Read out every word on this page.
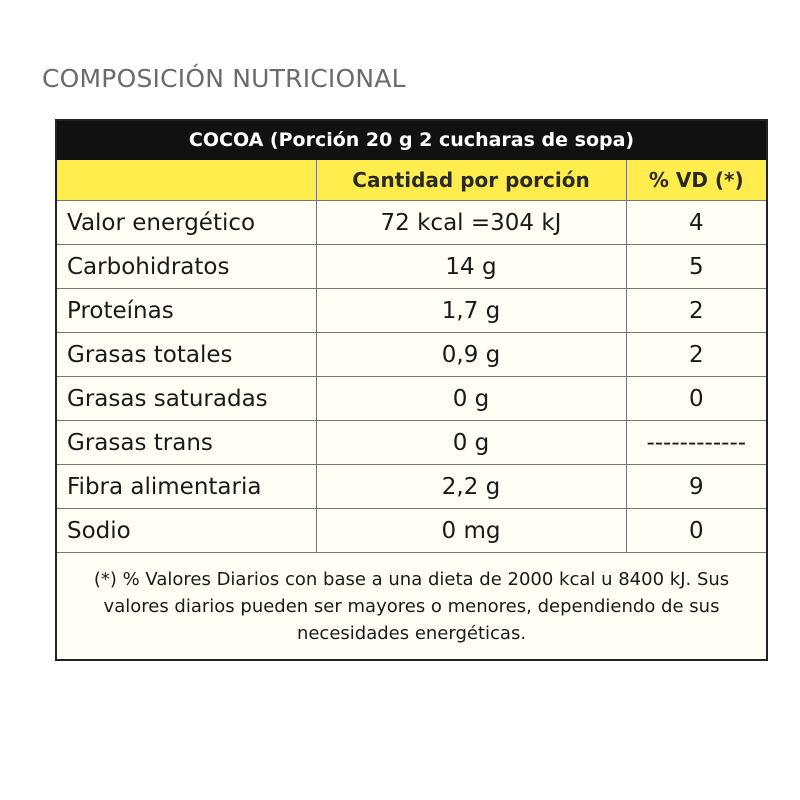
COMPOSICIÓN NUTRICIONAL
COCOA (Porción 20 g 2 cucharas de sopa)		
	Cantidad por porción	% VD (*)
Valor energético	72 kcal =304 kJ	4
Carbohidratos	14 g	5
Proteínas	1,7 g	2
Grasas totales	0,9 g	2
Grasas saturadas	0 g	0
Grasas trans	0 g	------------
Fibra alimentaria	2,2 g	9
Sodio	0 mg	0
(*) % Valores Diarios con base a una dieta de 2000 kcal u 8400 kJ. Sus valores diarios pueden ser mayores o menores, dependiendo de sus necesidades energéticas.		
